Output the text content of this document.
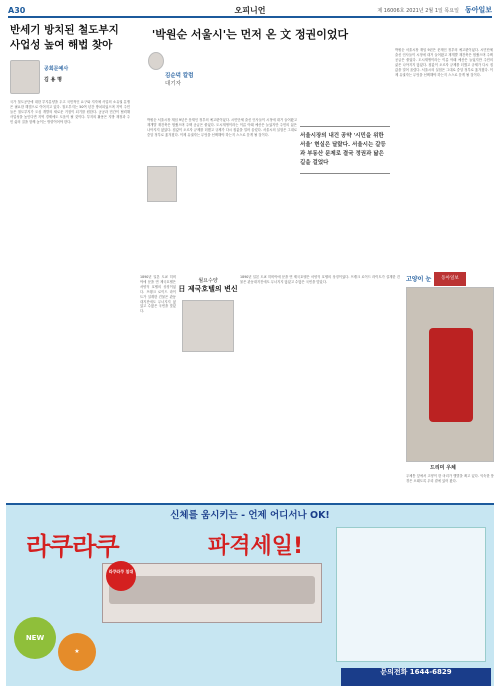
A30	오피니언	제 16006호 2021년 2월 1일 목요일 동아일보
반세기 방치된 철도부지 사업성 높여 해법 찾아
공회문예사
김 용 명
국가 철도공단에 대한 부지분양을 두고 국민적인 요구와 지자체 사업의 소유권 분쟁은 필요한 해법으로 이어지고 있다. 철도부지는 50여 년간 방치되었으며 지역 주민들은 철도부지가 도심 개발의 새로운 거점이 되기를 원한다. 공공과 민간이 협력해 사업성을 높인다면 지역 경제에도 도움이 될 것이다. 부지의 활용은 지방 재정과 주민 삶의 질을 함께 높이는 방향이어야 한다.
'박원순 서울시'는 먼저 온 文 정권이었다
김순덕 칼럼
대기자
박원순 서울시장 재임 9년은 문재인 정부의 예고편이었다. 시민단체 출신 인사들이 시정에 대거 들어왔고 재개발 재건축은 멈췄으며 주택 공급은 줄었다. 도시재생이라는 이름 아래 예산은 늘었지만 주민의 삶은 나아지지 않았다. 집값이 오르자 규제를 더했고 규제가 다시 집값을 밀어 올렸다. 서울시의 실험은 그대로 중앙 정부로 옮겨졌다. 이제 유권자는 무엇을 선택해야 하는지 스스로 묻게 될 것이다.	서울시장의 내건 공약 '시민을 위한 서울' 현실은 달랐다. 서울시는 갈등과 부동산 문제로 결국 정권과 닮은 길을 걸었다
박원순 서울시장 재임 9년은 문재인 정부의 예고편이었다. 시민단체 출신 인사들이 시정에 대거 들어왔고 재개발 재건축은 멈췄으며 주택 공급은 줄었다. 도시재생이라는 이름 아래 예산은 늘었지만 주민의 삶은 나아지지 않았다. 집값이 오르자 규제를 더했고 규제가 다시 집값을 밀어 올렸다. 서울시의 실험은 그대로 중앙 정부로 옮겨졌다. 이제 유권자는 무엇을 선택해야 하는지 스스로 묻게 될 것이다.
1890년 일본 도쿄 히비야에 문을 연 제국호텔은 서양식 호텔의 상징이었다. 프랭크 로이드 라이트가 설계한 건물은 관동대지진에도 무너지지 않았고 수많은 국빈을 맞았다.
월요수양
日 제국호텔의 변신
1890년 일본 도쿄 히비야에 문을 연 제국호텔은 서양식 호텔의 상징이었다. 프랭크 로이드 라이트가 설계한 건물은 관동대지진에도 무너지지 않았고 수많은 국빈을 맞았다.	고양이 눈	동아일보
드리미 우체
우체통 앞에서 고양이 한 마리가 햇볕을 쬐고 있다. 익숙한 풍경은 오래도록 우리 곁에 있어 왔다.
신체를 움시키는 - 언제 어디서나 OK!
라쿠라쿠	파격세일!
NEW
★
라쿠라쿠 침대
문의전화 1644-6829
